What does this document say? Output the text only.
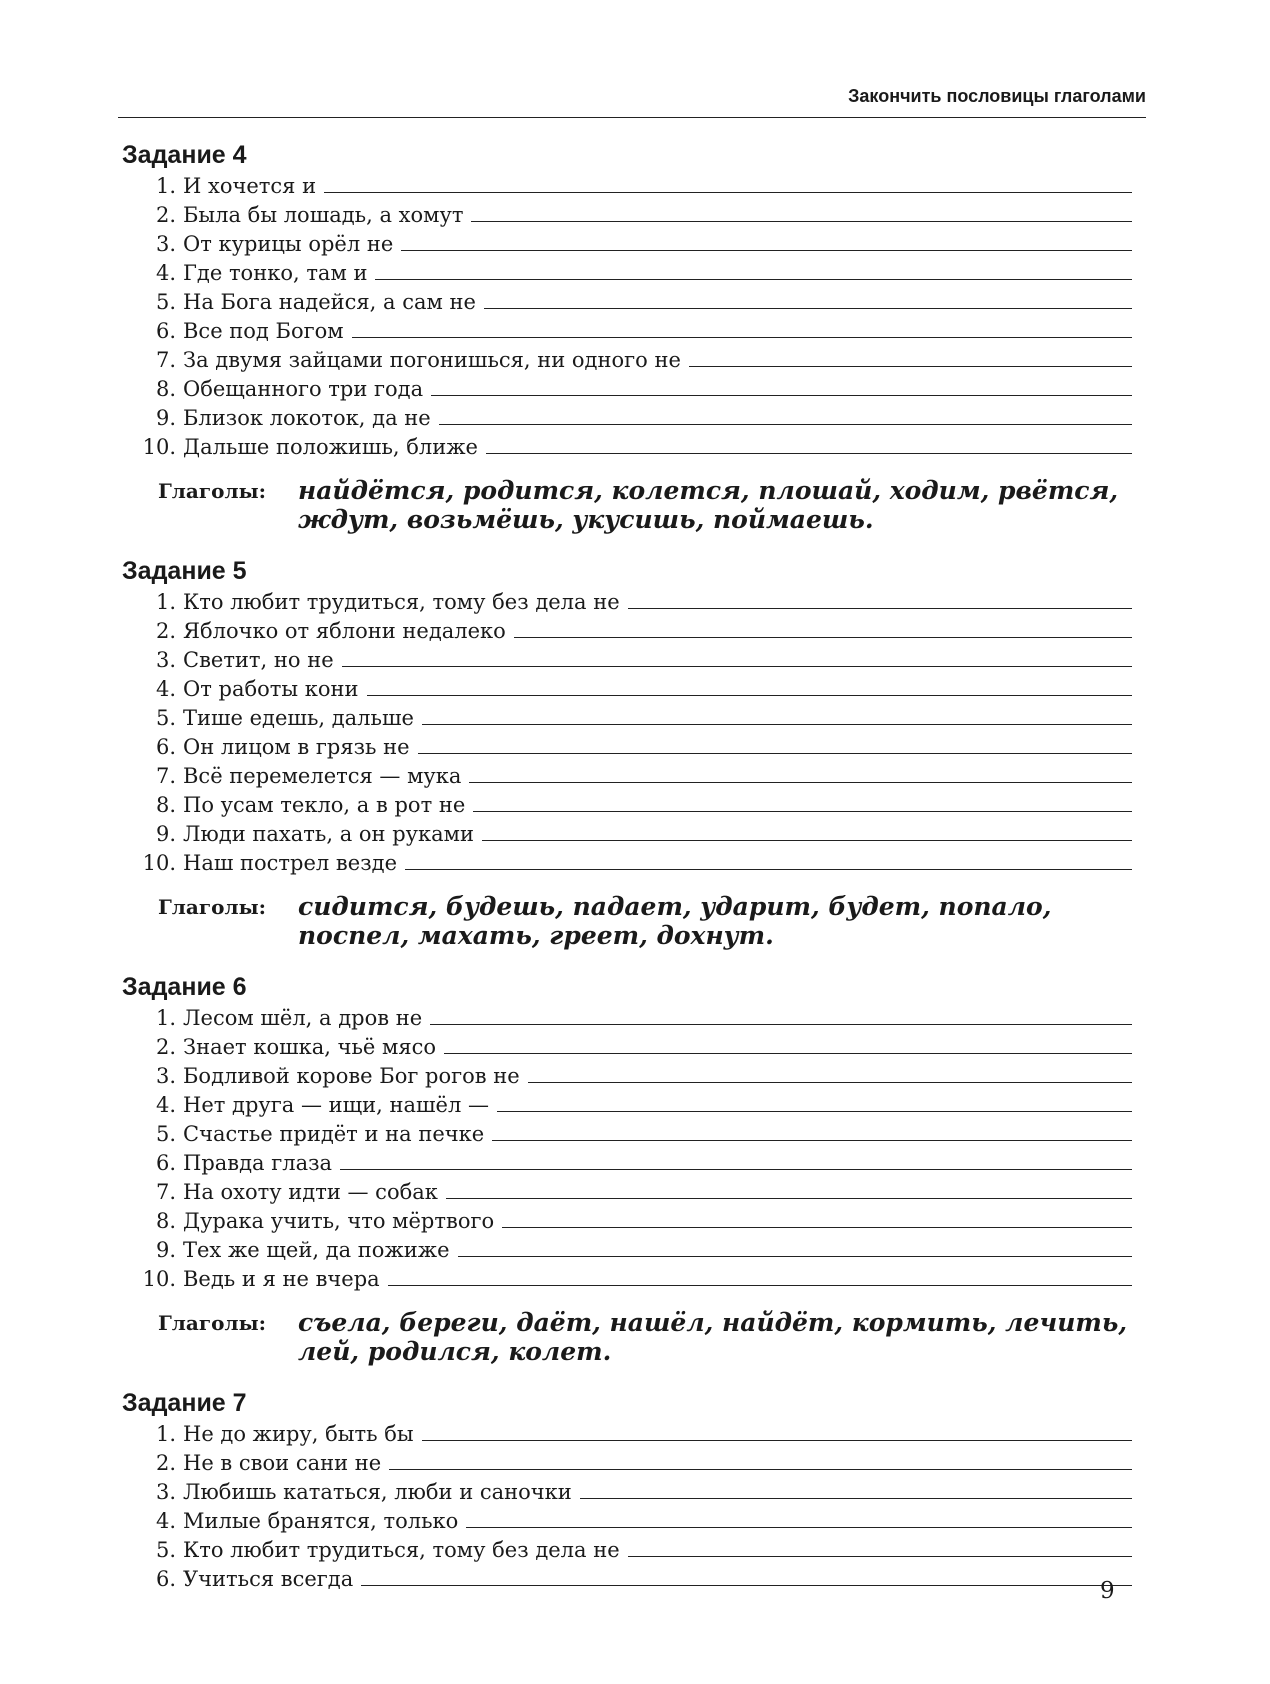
Закончить пословицы глаголами
Задание 4
1. И хочется и
2. Была бы лошадь, а хомут
3. От курицы орёл не
4. Где тонко, там и
5. На Бога надейся, а сам не
6. Все под Богом
7. За двумя зайцами погонишься, ни одного не
8. Обещанного три года
9. Близок локоток, да не
10. Дальше положишь, ближе
Глаголы:	найдётся, родится, колется, плошай, ходим, рвётся, ждут, возьмёшь, укусишь, поймаешь.
Задание 5
1. Кто любит трудиться, тому без дела не
2. Яблочко от яблони недалеко
3. Светит, но не
4. От работы кони
5. Тише едешь, дальше
6. Он лицом в грязь не
7. Всё перемелется — мука
8. По усам текло, а в рот не
9. Люди пахать, а он руками
10. Наш пострел везде
Глаголы:	сидится, будешь, падает, ударит, будет, попало, поспел, махать, греет, дохнут.
Задание 6
1. Лесом шёл, а дров не
2. Знает кошка, чьё мясо
3. Бодливой корове Бог рогов не
4. Нет друга — ищи, нашёл —
5. Счастье придёт и на печке
6. Правда глаза
7. На охоту идти — собак
8. Дурака учить, что мёртвого
9. Тех же щей, да пожиже
10. Ведь и я не вчера
Глаголы:	съела, береги, даёт, нашёл, найдёт, кормить, лечить, лей, родился, колет.
Задание 7
1. Не до жиру, быть бы
2. Не в свои сани не
3. Любишь кататься, люби и саночки
4. Милые бранятся, только
5. Кто любит трудиться, тому без дела не
6. Учиться всегда	9
